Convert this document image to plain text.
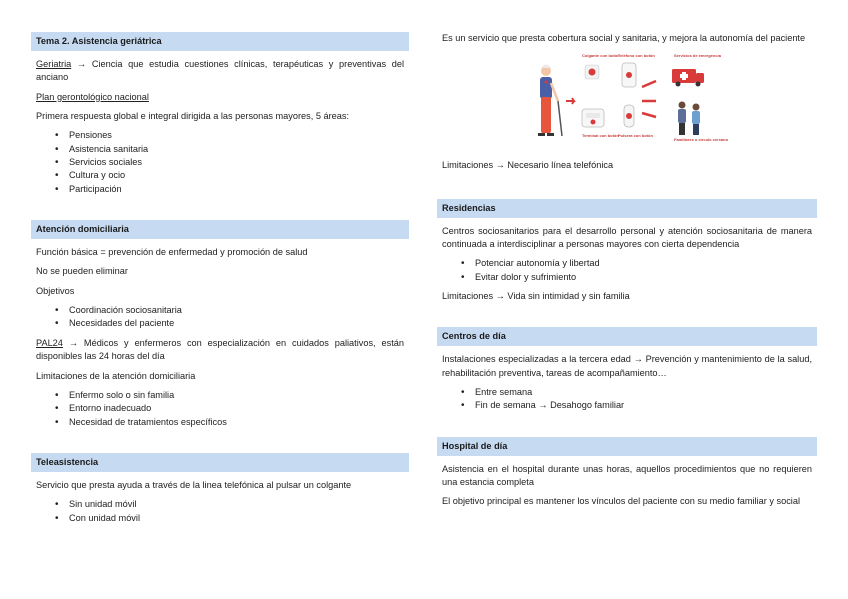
Tema 2. Asistencia geriátrica

Geriatria → Ciencia que estudia cuestiones clínicas, terapéuticas y preventivas del anciano

Plan gerontológico nacional

Primera respuesta global e integral dirigida a las personas mayores, 5 áreas:

• Pensiones
• Asistencia sanitaria
• Servicios sociales
• Cultura y ocio
• Participación
Atención domiciliaria

Función básica = prevención de enfermedad y promoción de salud

No se pueden eliminar

Objetivos

• Coordinación sociosanitaria
• Necesidades del paciente

PAL24 → Médicos y enfermeros con especialización en cuidados paliativos, están disponibles las 24 horas del día

Limitaciones de la atención domiciliaria

• Enfermo solo o sin familia
• Entorno inadecuado
• Necesidad de tratamientos específicos
Teleasistencia

Servicio que presta ayuda a través de la linea telefónica al pulsar un colgante

• Sin unidad móvil
• Con unidad móvil

Es un servicio que presta cobertura social y sanitaria, y mejora la autonomía del paciente

Colgante con botón
Teléfono con botón
Terminal con botón Pulsera con botón
Servicios de emergencia
Familiares o círculo cercano

Limitaciones → Necesario línea telefónica

Residencias

Centros sociosanitarios para el desarrollo personal y atención sociosanitaria de manera continuada a interdisciplinar a personas mayores con cierta dependencia

• Potenciar autonomía y libertad
• Evitar dolor y sufrimiento

Limitaciones → Vida sin intimidad y sin familia

Centros de día

Instalaciones especializadas a la tercera edad → Prevención y mantenimiento de la salud, rehabilitación preventiva, tareas de acompañamiento…

• Entre semana
• Fin de semana → Desahogo familiar
Hospital de día

Asistencia en el hospital durante unas horas, aquellos procedimientos que no requieren una estancia completa

El objetivo principal es mantener los vínculos del paciente con su medio familiar y social
